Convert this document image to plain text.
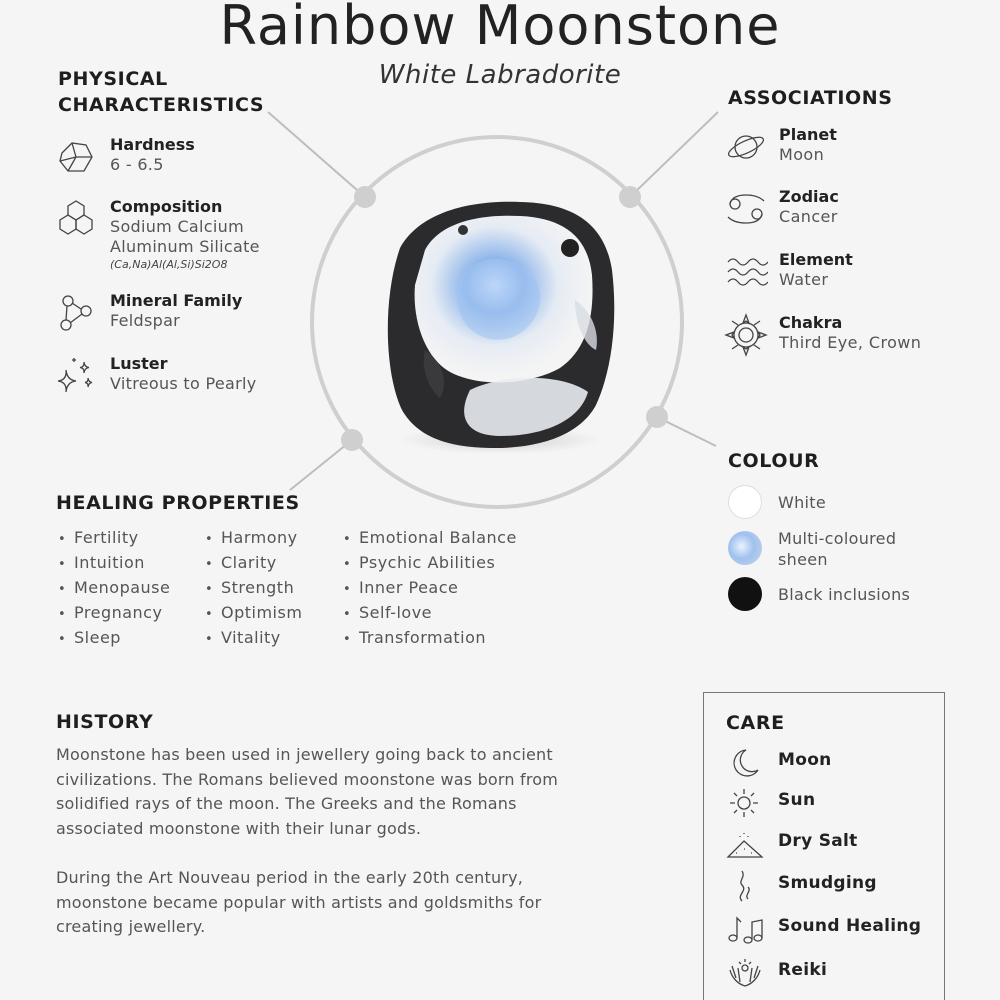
Rainbow Moonstone
White Labradorite
PHYSICAL
CHARACTERISTICS
Hardness
6 - 6.5
Composition
Sodium Calcium
Aluminum Silicate
(Ca,Na)Al(Al,Si)Si2O8
Mineral Family
Feldspar
Luster
Vitreous to Pearly
ASSOCIATIONS
Planet
Moon
Zodiac
Cancer
Element
Water
Chakra
Third Eye, Crown
COLOUR
White
Multi-coloured
sheen
Black inclusions
HEALING PROPERTIES
• Fertility
• Intuition
• Menopause
• Pregnancy
• Sleep
• Harmony
• Clarity
• Strength
• Optimism
• Vitality
• Emotional Balance
• Psychic Abilities
• Inner Peace
• Self-love
• Transformation
HISTORY
Moonstone has been used in jewellery going back to ancient
civilizations. The Romans believed moonstone was born from
solidified rays of the moon. The Greeks and the Romans
associated moonstone with their lunar gods.
During the Art Nouveau period in the early 20th century,
moonstone became popular with artists and goldsmiths for
creating jewellery.
CARE
Moon
Sun
Dry Salt
Smudging
Sound Healing
Reiki
